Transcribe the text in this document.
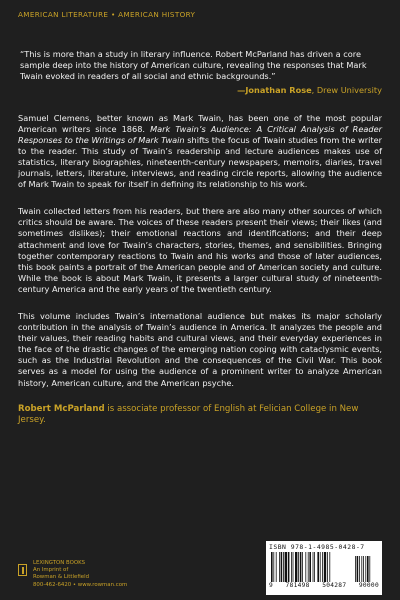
AMERICAN LITERATURE • AMERICAN HISTORY
“This is more than a study in literary influence. Robert McParland has driven a core sample deep into the history of American culture, revealing the responses that Mark Twain evoked in readers of all social and ethnic backgrounds.”
—Jonathan Rose, Drew University
Samuel Clemens, better known as Mark Twain, has been one of the most popular American writers since 1868. Mark Twain’s Audience: A Critical Analysis of Reader Responses to the Writings of Mark Twain shifts the focus of Twain studies from the writer to the reader. This study of Twain’s readership and lecture audiences makes use of statistics, literary biographies, nineteenth-century newspapers, memoirs, diaries, travel journals, letters, literature, interviews, and reading circle reports, allowing the audience of Mark Twain to speak for itself in defining its relationship to his work.
Twain collected letters from his readers, but there are also many other sources of which critics should be aware. The voices of these readers present their views; their likes (and sometimes dislikes); their emotional reactions and identifications; and their deep attachment and love for Twain’s characters, stories, themes, and sensibilities. Bringing together contemporary reactions to Twain and his works and those of later audiences, this book paints a portrait of the American people and of American society and culture. While the book is about Mark Twain, it presents a larger cultural study of nineteenth-century America and the early years of the twentieth century.
This volume includes Twain’s international audience but makes its major scholarly contribution in the analysis of Twain’s audience in America. It analyzes the people and their values, their reading habits and cultural views, and their everyday experiences in the face of the drastic changes of the emerging nation coping with cataclysmic events, such as the Industrial Revolution and the consequences of the Civil War. This book serves as a model for using the audience of a prominent writer to analyze American history, American culture, and the American psyche.
Robert McParland is associate professor of English at Felician College in New Jersey.
LEXINGTON BOOKS
An Imprint of
Rowman & Littlefield
800-462-6420 • www.rowman.com
ISBN 978-1-4985-0428-7
9 781498 504287 90000
